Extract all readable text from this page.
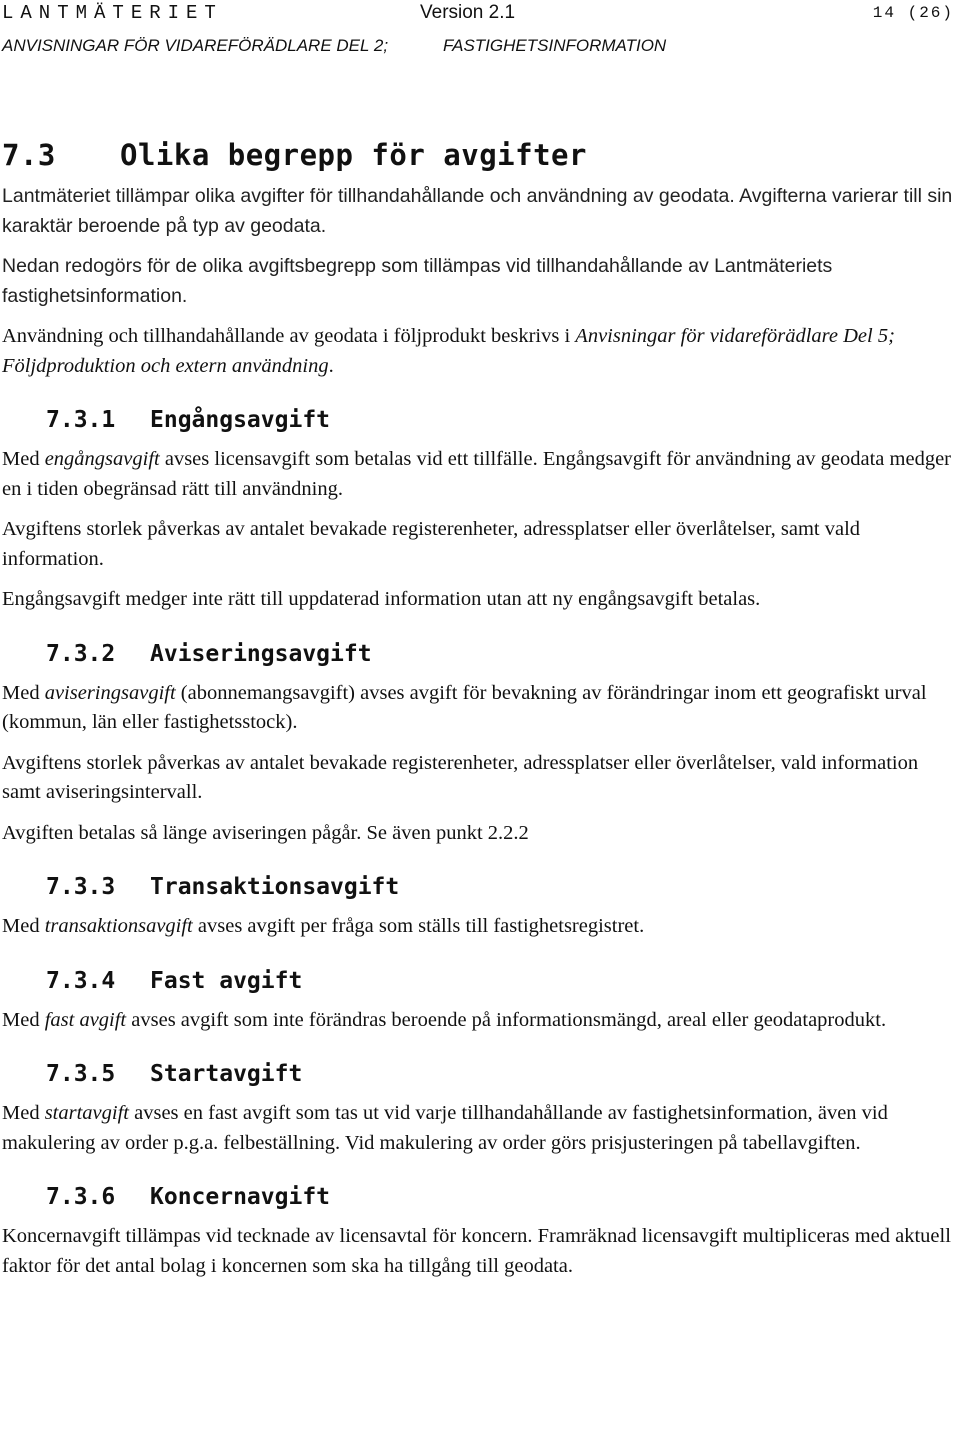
LANTMÄTERIET	Version 2.1	14 (26)
ANVISNINGAR FÖR VIDAREFÖRÄDLARE DEL 2;	FASTIGHETSINFORMATION
7.3 Olika begrepp för avgifter

Lantmäteriet tillämpar olika avgifter för tillhandahållande och användning av geodata. Avgifterna varierar till sin karaktär beroende på typ av geodata.

Nedan redogörs för de olika avgiftsbegrepp som tillämpas vid tillhandahållande av Lantmäteriets fastighetsinformation.

Användning och tillhandahållande av geodata i följprodukt beskrivs i Anvisningar för vidareförädlare Del 5; Följdproduktion och extern användning.

7.3.1 Engångsavgift

Med engångsavgift avses licensavgift som betalas vid ett tillfälle. Engångsavgift för användning av geodata medger en i tiden obegränsad rätt till användning.

Avgiftens storlek påverkas av antalet bevakade registerenheter, adressplatser eller överlåtelser, samt vald information.

Engångsavgift medger inte rätt till uppdaterad information utan att ny engångsavgift betalas.

7.3.2 Aviseringsavgift

Med aviseringsavgift (abonnemangsavgift) avses avgift för bevakning av förändringar inom ett geografiskt urval (kommun, län eller fastighetsstock).

Avgiftens storlek påverkas av antalet bevakade registerenheter, adressplatser eller överlåtelser, vald information samt aviseringsintervall.

Avgiften betalas så länge aviseringen pågår. Se även punkt 2.2.2

7.3.3 Transaktionsavgift

Med transaktionsavgift avses avgift per fråga som ställs till fastighetsregistret.

7.3.4 Fast avgift

Med fast avgift avses avgift som inte förändras beroende på informationsmängd, areal eller geodataprodukt.

7.3.5 Startavgift

Med startavgift avses en fast avgift som tas ut vid varje tillhandahållande av fastighetsinformation, även vid makulering av order p.g.a. felbeställning. Vid makulering av order görs prisjusteringen på tabellavgiften.

7.3.6 Koncernavgift

Koncernavgift tillämpas vid tecknade av licensavtal för koncern. Framräknad licensavgift multipliceras med aktuell faktor för det antal bolag i koncernen som ska ha tillgång till geodata.
